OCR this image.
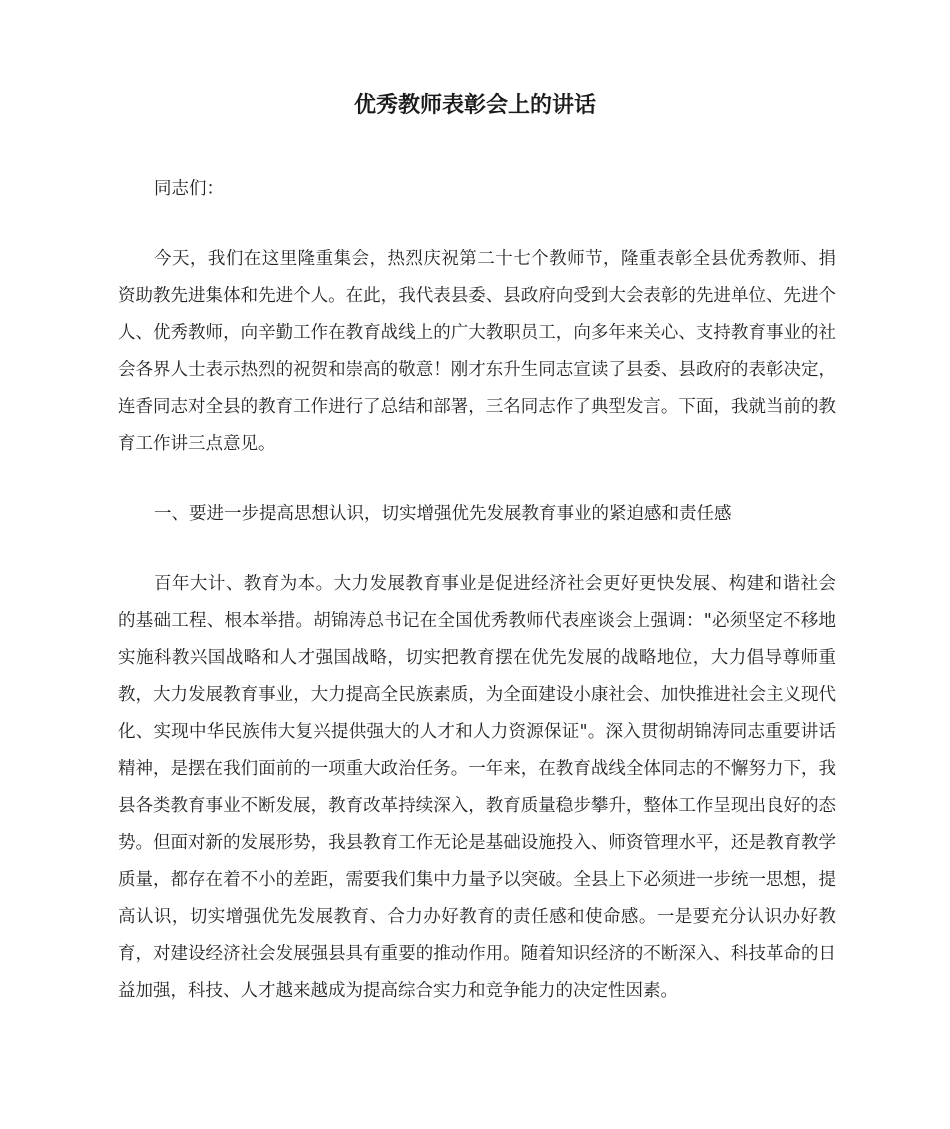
优秀教师表彰会上的讲话

同志们：

今天，我们在这里隆重集会，热烈庆祝第二十七个教师节，隆重表彰全县优秀教师、捐资助教先进集体和先进个人。在此，我代表县委、县政府向受到大会表彰的先进单位、先进个人、优秀教师，向辛勤工作在教育战线上的广大教职员工，向多年来关心、支持教育事业的社会各界人士表示热烈的祝贺和崇高的敬意！刚才东升生同志宣读了县委、县政府的表彰决定，连香同志对全县的教育工作进行了总结和部署，三名同志作了典型发言。下面，我就当前的教育工作讲三点意见。

一、要进一步提高思想认识，切实增强优先发展教育事业的紧迫感和责任感

百年大计、教育为本。大力发展教育事业是促进经济社会更好更快发展、构建和谐社会的基础工程、根本举措。胡锦涛总书记在全国优秀教师代表座谈会上强调："必须坚定不移地实施科教兴国战略和人才强国战略，切实把教育摆在优先发展的战略地位，大力倡导尊师重教，大力发展教育事业，大力提高全民族素质，为全面建设小康社会、加快推进社会主义现代化、实现中华民族伟大复兴提供强大的人才和人力资源保证"。深入贯彻胡锦涛同志重要讲话精神，是摆在我们面前的一项重大政治任务。一年来，在教育战线全体同志的不懈努力下，我县各类教育事业不断发展，教育改革持续深入，教育质量稳步攀升，整体工作呈现出良好的态势。但面对新的发展形势，我县教育工作无论是基础设施投入、师资管理水平，还是教育教学质量，都存在着不小的差距，需要我们集中力量予以突破。全县上下必须进一步统一思想，提高认识，切实增强优先发展教育、合力办好教育的责任感和使命感。一是要充分认识办好教育，对建设经济社会发展强县具有重要的推动作用。随着知识经济的不断深入、科技革命的日益加强，科技、人才越来越成为提高综合实力和竞争能力的决定性因素。
